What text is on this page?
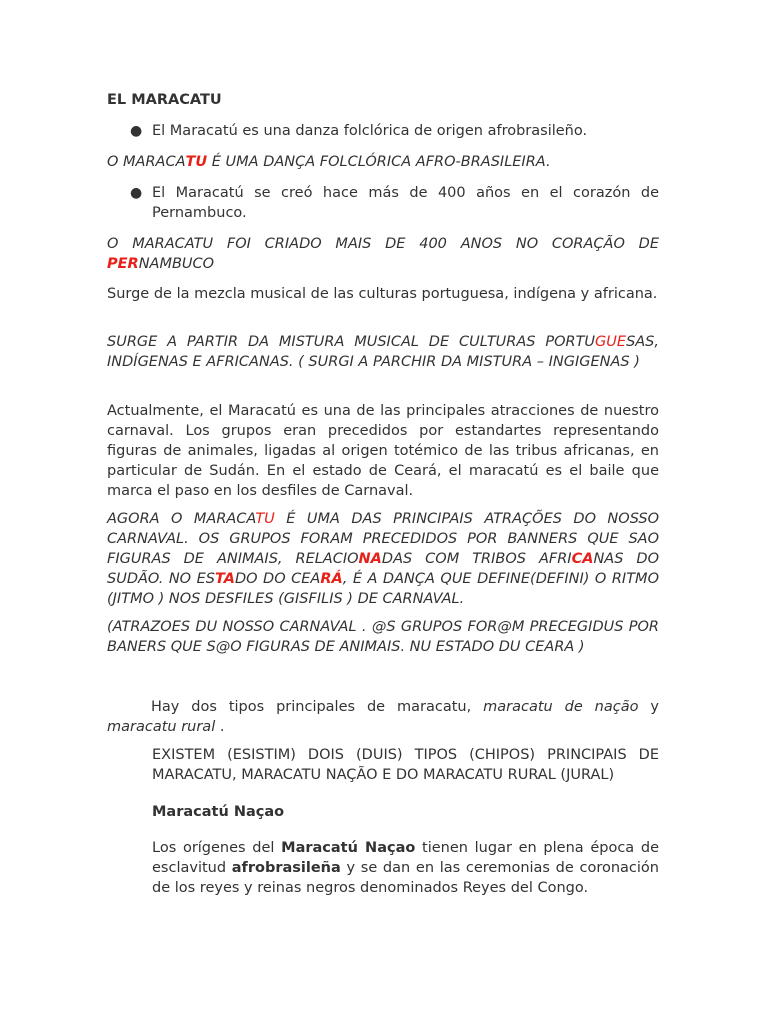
EL MARACATU
● El Maracatú es una danza folclórica de origen afrobrasileño.
O MARACATU É UMA DANÇA FOLCLÓRICA AFRO-BRASILEIRA.
● El Maracatú se creó hace más de 400 años en el corazón de Pernambuco.
O MARACATU FOI CRIADO MAIS DE 400 ANOS NO CORAÇÃO DE PERNAMBUCO
Surge de la mezcla musical de las culturas portuguesa, indígena y africana.
SURGE A PARTIR DA MISTURA MUSICAL DE CULTURAS PORTUGUESAS, INDÍGENAS E AFRICANAS. ( SURGI A PARCHIR DA MISTURA – INGIGENAS )
Actualmente, el Maracatú es una de las principales atracciones de nuestro carnaval. Los grupos eran precedidos por estandartes representando figuras de animales, ligadas al origen totémico de las tribus africanas, en particular de Sudán. En el estado de Ceará, el maracatú es el baile que marca el paso en los desfiles de Carnaval.
AGORA O MARACATU É UMA DAS PRINCIPAIS ATRAÇÕES DO NOSSO CARNAVAL. OS GRUPOS FORAM PRECEDIDOS POR BANNERS QUE SAO FIGURAS DE ANIMAIS, RELACIONADAS COM TRIBOS AFRICANAS DO SUDÃO. NO ESTADO DO CEARÁ, É A DANÇA QUE DEFINE(DEFINI) O RITMO (JITMO ) NOS DESFILES (GISFILIS ) DE CARNAVAL.
(ATRAZOES DU NOSSO CARNAVAL . @S GRUPOS FOR@M PRECEGIDUS POR BANERS QUE S@O FIGURAS DE ANIMAIS. NU ESTADO DU CEARA )
Hay dos tipos principales de maracatu, maracatu de nação y maracatu rural .
EXISTEM (ESISTIM) DOIS (DUIS) TIPOS (CHIPOS) PRINCIPAIS DE MARACATU, MARACATU NAÇÃO E DO MARACATU RURAL (JURAL)
Maracatú Naçao
Los orígenes del Maracatú Naçao tienen lugar en plena época de esclavitud afrobrasileña y se dan en las ceremonias de coronación de los reyes y reinas negros denominados Reyes del Congo.
